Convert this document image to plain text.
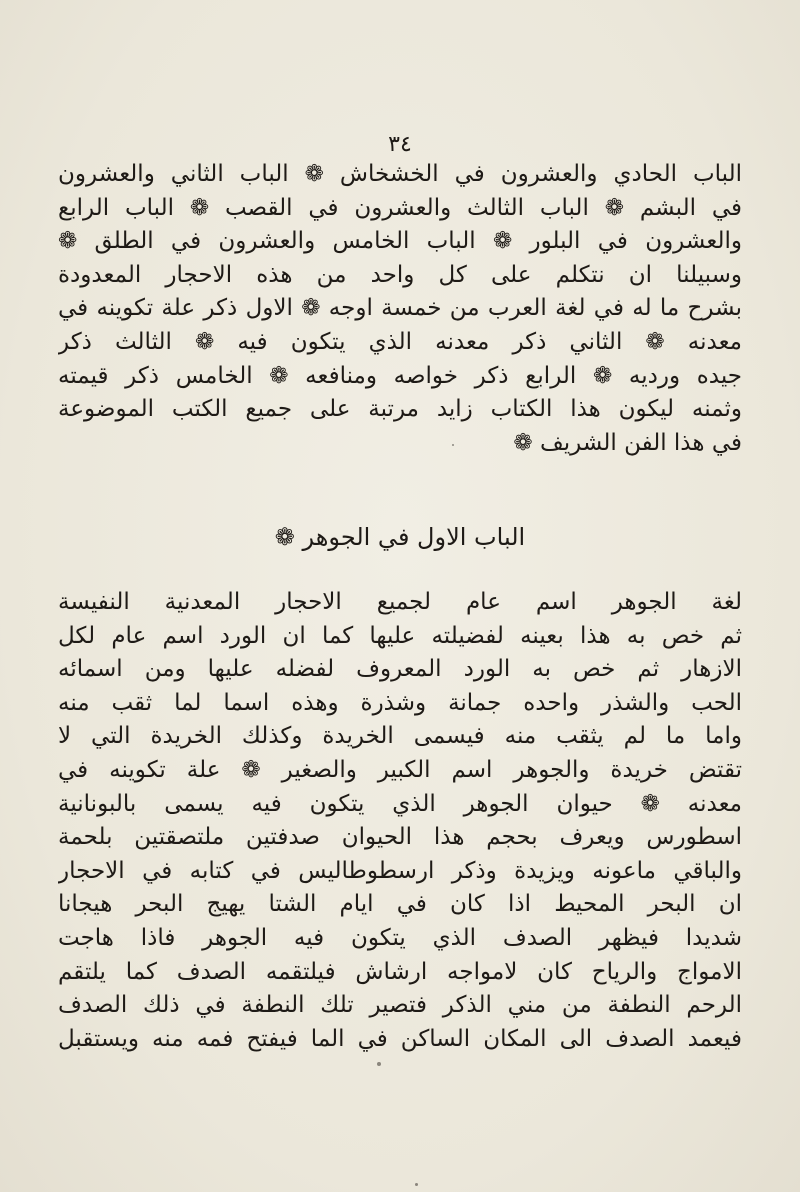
٣٤
الباب الحادي والعشرون في الخشخاش ❁ الباب الثاني والعشرون
في البشم ❁ الباب الثالث والعشرون في القصب ❁ الباب الرابع
والعشرون في البلور ❁ الباب الخامس والعشرون في الطلق ❁
وسبيلنا ان نتكلم على كل واحد من هذه الاحجار المعدودة
بشرح ما له في لغة العرب من خمسة اوجه ❁ الاول ذكر علة تكوينه في
معدنه ❁ الثاني ذكر معدنه الذي يتكون فيه ❁ الثالث ذكر
جيده ورديه ❁ الرابع ذكر خواصه ومنافعه ❁ الخامس ذكر قيمته
وثمنه ليكون هذا الكتاب زايد مرتبة على جميع الكتب الموضوعة
في هذا الفن الشريف ❁
الباب الاول في الجوهر ❁
لغة الجوهر اسم عام لجميع الاحجار المعدنية النفيسة
ثم خص به هذا بعينه لفضيلته عليها كما ان الورد اسم عام لكل
الازهار ثم خص به الورد المعروف لفضله عليها ومن اسمائه
الحب والشذر واحده جمانة وشذرة وهذه اسما لما ثقب منه
واما ما لم يثقب منه فيسمى الخريدة وكذلك الخريدة التي لا
تقتض خريدة والجوهر اسم الكبير والصغير ❁ علة تكوينه في
معدنه ❁ حيوان الجوهر الذي يتكون فيه يسمى بالبونانية
اسطورس ويعرف بحجم هذا الحيوان صدفتين ملتصقتين بلحمة
والباقي ماعونه ويزيدة وذكر ارسطوطاليس في كتابه في الاحجار
ان البحر المحيط اذا كان في ايام الشتا يهيج البحر هيجانا
شديدا فيظهر الصدف الذي يتكون فيه الجوهر فاذا هاجت
الامواج والرياح كان لامواجه ارشاش فيلتقمه الصدف كما يلتقم
الرحم النطفة من مني الذكر فتصير تلك النطفة في ذلك الصدف
فيعمد الصدف الى المكان الساكن في الما فيفتح فمه منه ويستقبل
